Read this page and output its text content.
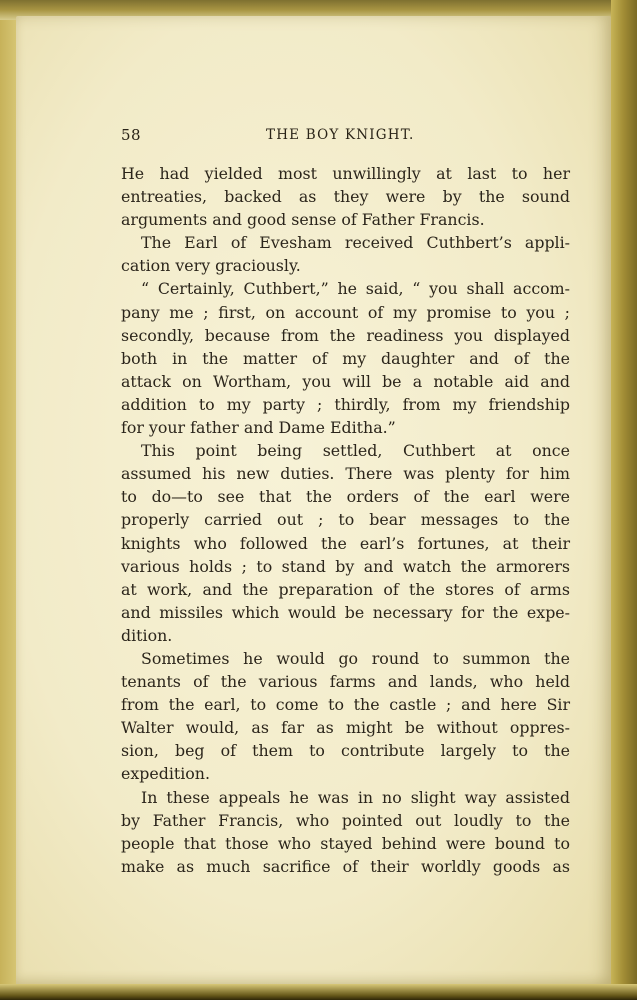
58	THE BOY KNIGHT.
He had yielded most unwillingly at last to her
entreaties, backed as they were by the sound
arguments and good sense of Father Francis.
The Earl of Evesham received Cuthbert’s appli-
cation very graciously.
“ Certainly, Cuthbert,” he said, “ you shall accom-
pany me ; first, on account of my promise to you ;
secondly, because from the readiness you displayed
both in the matter of my daughter and of the
attack on Wortham, you will be a notable aid and
addition to my party ; thirdly, from my friendship
for your father and Dame Editha.”
This point being settled, Cuthbert at once
assumed his new duties. There was plenty for him
to do—to see that the orders of the earl were
properly carried out ; to bear messages to the
knights who followed the earl’s fortunes, at their
various holds ; to stand by and watch the armorers
at work, and the preparation of the stores of arms
and missiles which would be necessary for the expe-
dition.
Sometimes he would go round to summon the
tenants of the various farms and lands, who held
from the earl, to come to the castle ; and here Sir
Walter would, as far as might be without oppres-
sion, beg of them to contribute largely to the
expedition.
In these appeals he was in no slight way assisted
by Father Francis, who pointed out loudly to the
people that those who stayed behind were bound to
make as much sacrifice of their worldly goods as
